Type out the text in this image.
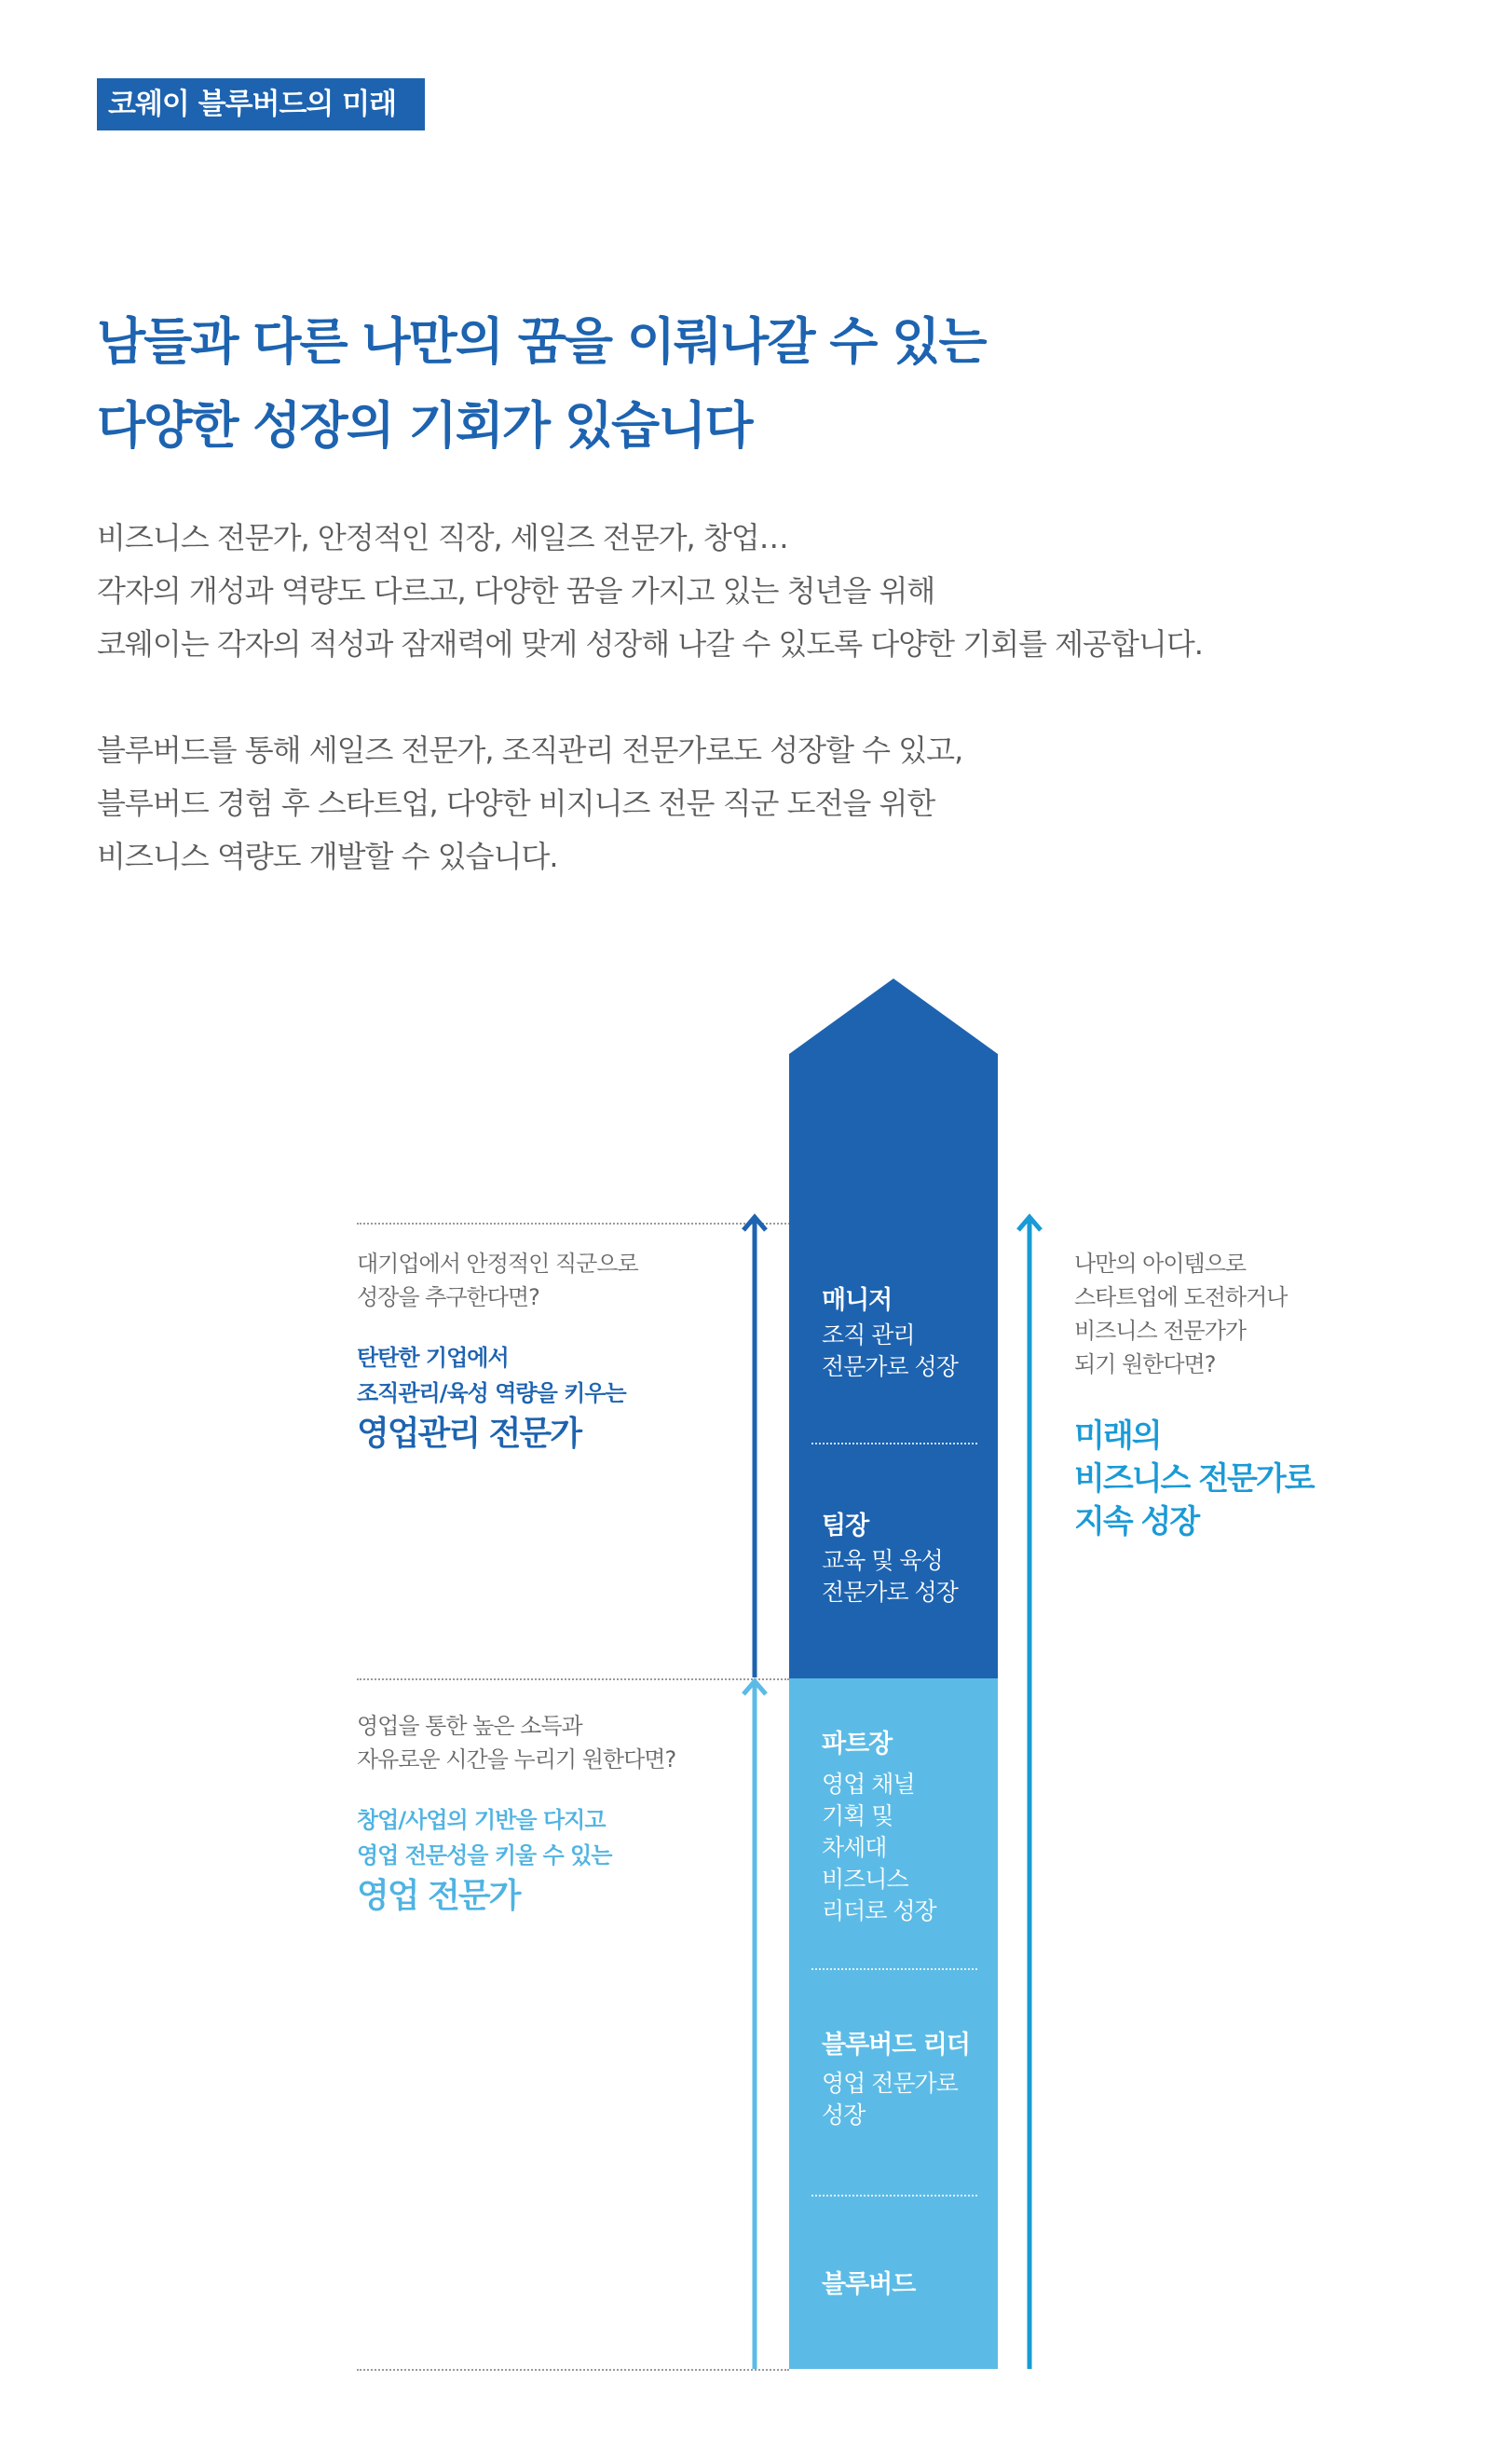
코웨이 블루버드의 미래
남들과 다른 나만의 꿈을 이뤄나갈 수 있는
다양한 성장의 기회가 있습니다
비즈니스 전문가, 안정적인 직장, 세일즈 전문가, 창업…
각자의 개성과 역량도 다르고, 다양한 꿈을 가지고 있는 청년을 위해
코웨이는 각자의 적성과 잠재력에 맞게 성장해 나갈 수 있도록 다양한 기회를 제공합니다.
블루버드를 통해 세일즈 전문가, 조직관리 전문가로도 성장할 수 있고,
블루버드 경험 후 스타트업, 다양한 비지니즈 전문 직군 도전을 위한
비즈니스 역량도 개발할 수 있습니다.
매니저
조직 관리
전문가로 성장
팀장
교육 및 육성
전문가로 성장
파트장
영업 채널
기획 및
차세대
비즈니스
리더로 성장
블루버드 리더
영업 전문가로
성장
블루버드
대기업에서 안정적인 직군으로
성장을 추구한다면?
탄탄한 기업에서
조직관리/육성 역량을 키우는
영업관리 전문가
영업을 통한 높은 소득과
자유로운 시간을 누리기 원한다면?
창업/사업의 기반을 다지고
영업 전문성을 키울 수 있는
영업 전문가
나만의 아이템으로
스타트업에 도전하거나
비즈니스 전문가가
되기 원한다면?
미래의
비즈니스 전문가로
지속 성장
